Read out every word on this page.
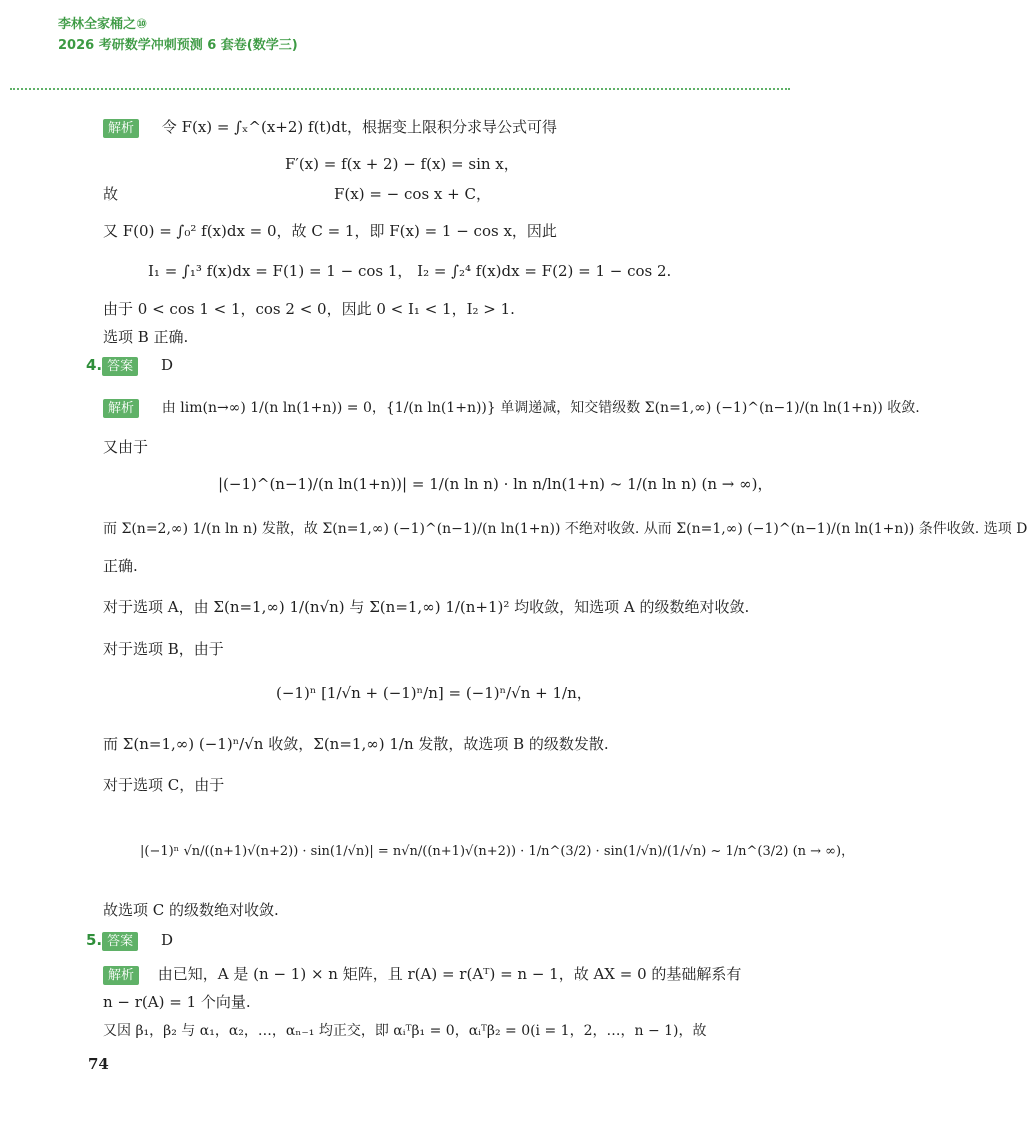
李林全家桶之⑩
2026 考研数学冲刺预测 6 套卷(数学三)
解析 令 F(x) = ∫ₓ^(x+2) f(t)dt，根据变上限积分求导公式可得
F′(x) = f(x + 2) − f(x) = sin x，
故	F(x) = − cos x + C，
又 F(0) = ∫₀² f(x)dx = 0，故 C = 1，即 F(x) = 1 − cos x，因此
I₁ = ∫₁³ f(x)dx = F(1) = 1 − cos 1， I₂ = ∫₂⁴ f(x)dx = F(2) = 1 − cos 2.
由于 0 < cos 1 < 1，cos 2 < 0，因此 0 < I₁ < 1，I₂ > 1.
选项 B 正确.
4. 答案 D
解析 由 lim(n→∞) 1/(n ln(1+n)) = 0，{1/(n ln(1+n))} 单调递减，知交错级数 Σ(n=1,∞) (−1)^(n−1)/(n ln(1+n)) 收敛.
又由于
|(−1)^(n−1)/(n ln(1+n))| = 1/(n ln n) · ln n/ln(1+n) ~ 1/(n ln n) (n → ∞)，
而 Σ(n=2,∞) 1/(n ln n) 发散，故 Σ(n=1,∞) (−1)^(n−1)/(n ln(1+n)) 不绝对收敛. 从而 Σ(n=1,∞) (−1)^(n−1)/(n ln(1+n)) 条件收敛. 选项 D
正确.
对于选项 A，由 Σ(n=1,∞) 1/(n√n) 与 Σ(n=1,∞) 1/(n+1)² 均收敛，知选项 A 的级数绝对收敛.
对于选项 B，由于
(−1)ⁿ [1/√n + (−1)ⁿ/n] = (−1)ⁿ/√n + 1/n，
而 Σ(n=1,∞) (−1)ⁿ/√n 收敛，Σ(n=1,∞) 1/n 发散，故选项 B 的级数发散.
对于选项 C，由于
|(−1)ⁿ √n/((n+1)√(n+2)) · sin(1/√n)| = n√n/((n+1)√(n+2)) · 1/n^(3/2) · sin(1/√n)/(1/√n) ~ 1/n^(3/2) (n → ∞)，
故选项 C 的级数绝对收敛.
5. 答案 D
解析 由已知，A 是 (n − 1) × n 矩阵，且 r(A) = r(Aᵀ) = n − 1，故 AX = 0 的基础解系有
n − r(A) = 1 个向量.
又因 β₁，β₂ 与 α₁，α₂，…，αₙ₋₁ 均正交，即 αᵢᵀβ₁ = 0，αᵢᵀβ₂ = 0(i = 1，2，…，n − 1)，故
74
